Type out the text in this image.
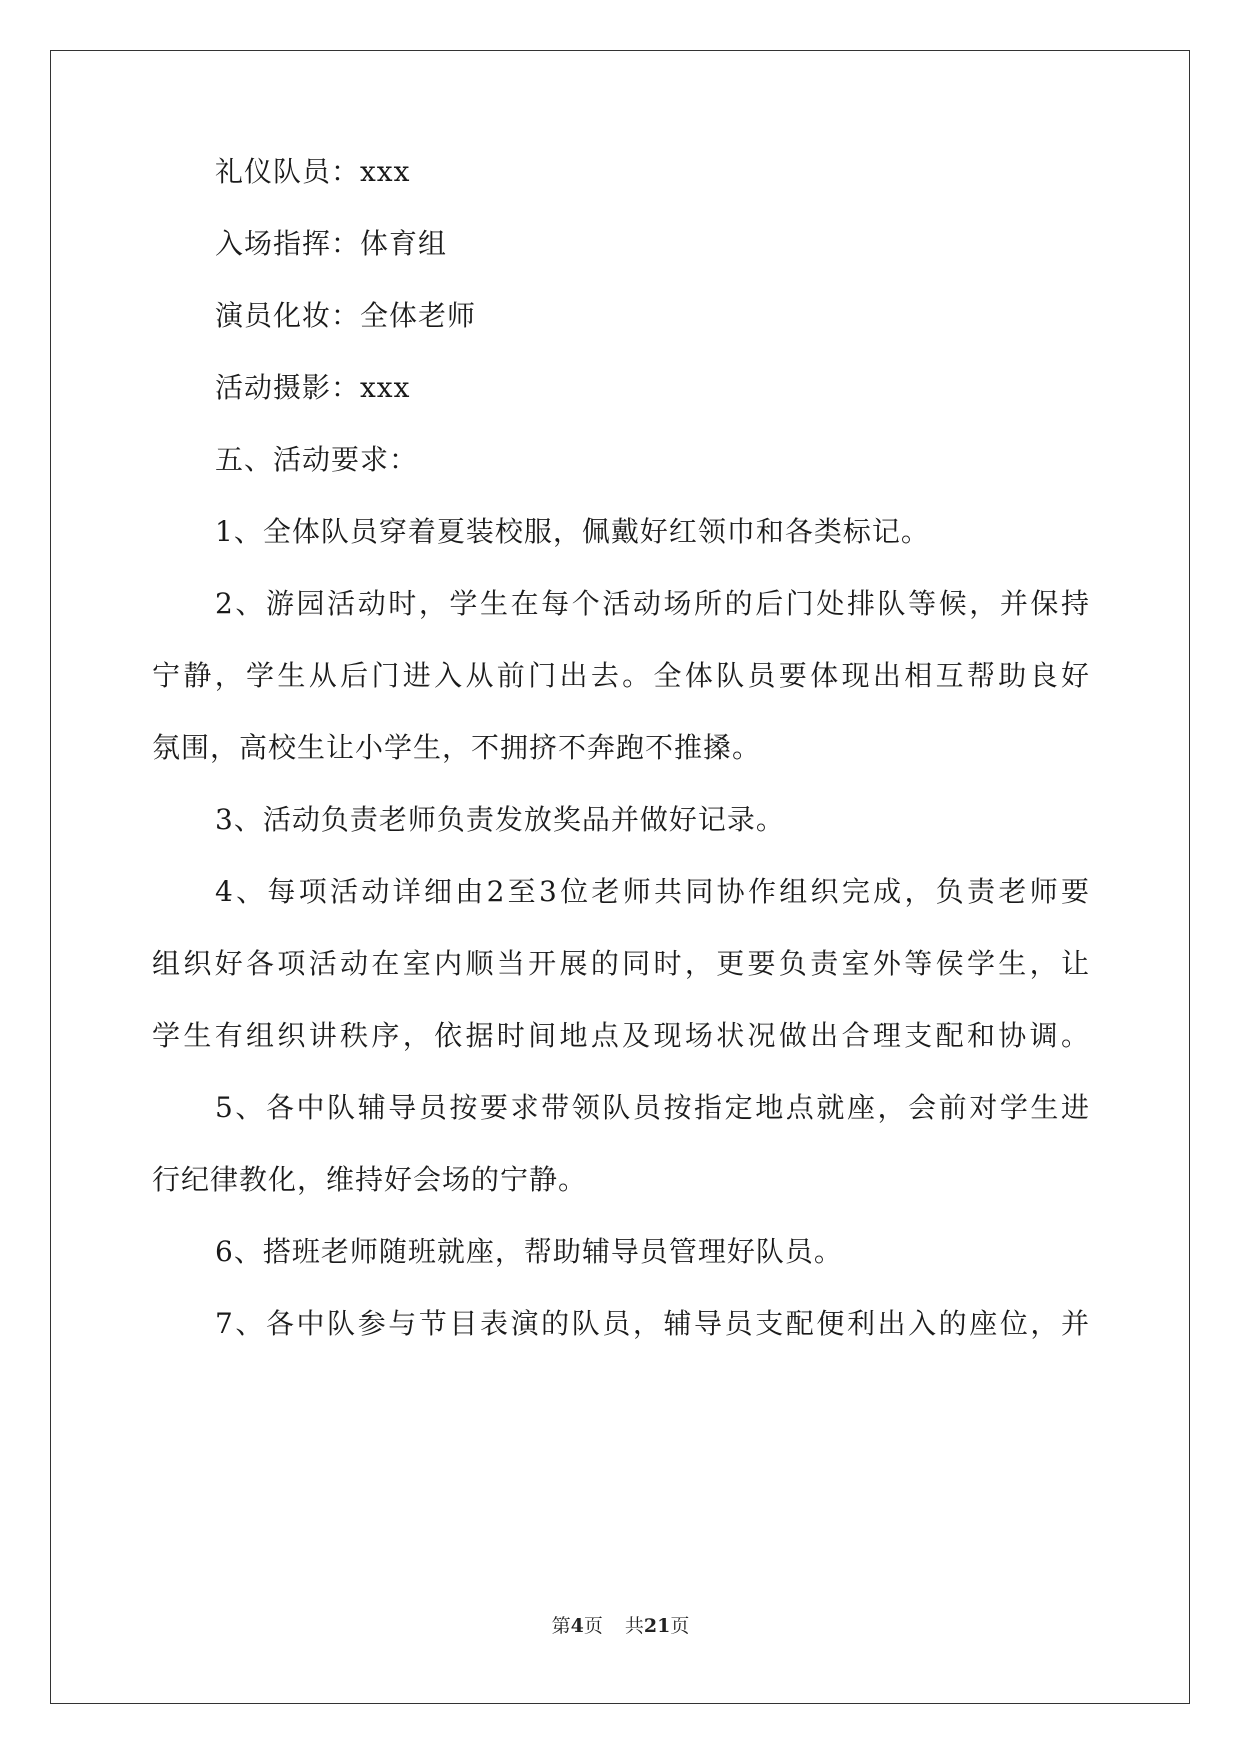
礼仪队员：xxx
入场指挥：体育组
演员化妆：全体老师
活动摄影：xxx
五、活动要求：
1、全体队员穿着夏装校服，佩戴好红领巾和各类标记。
2、游园活动时，学生在每个活动场所的后门处排队等候，并保持
宁静，学生从后门进入从前门出去。全体队员要体现出相互帮助良好
氛围，高校生让小学生，不拥挤不奔跑不推搡。
3、活动负责老师负责发放奖品并做好记录。
4、每项活动详细由2至3位老师共同协作组织完成，负责老师要
组织好各项活动在室内顺当开展的同时，更要负责室外等侯学生，让
学生有组织讲秩序，依据时间地点及现场状况做出合理支配和协调。
5、各中队辅导员按要求带领队员按指定地点就座，会前对学生进
行纪律教化，维持好会场的宁静。
6、搭班老师随班就座，帮助辅导员管理好队员。
7、各中队参与节目表演的队员，辅导员支配便利出入的座位，并
第4页 共21页
